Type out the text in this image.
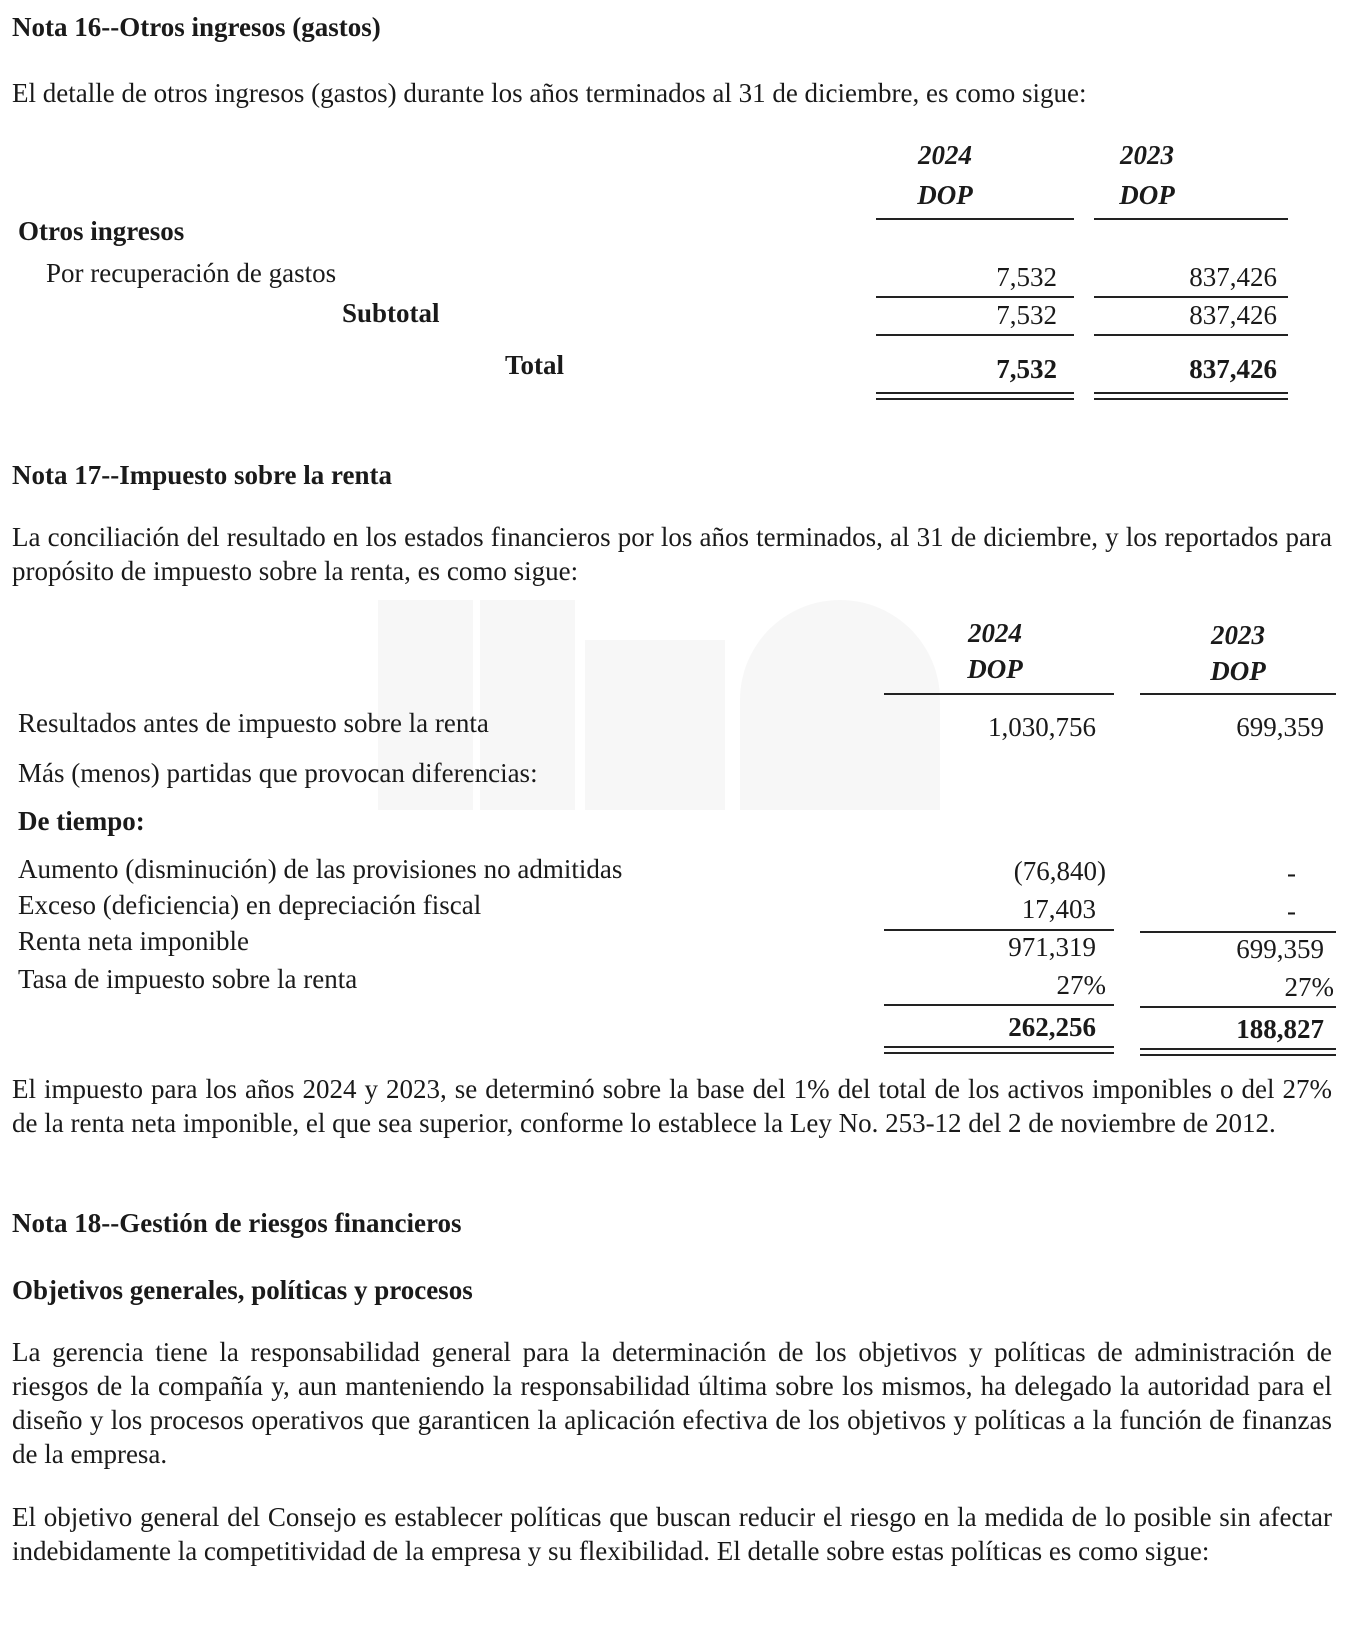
Nota 16--Otros ingresos (gastos)
El detalle de otros ingresos (gastos) durante los años terminados al 31 de diciembre, es como sigue:
2024
DOP
2023
DOP
Otros ingresos
Por recuperación de gastos	7,532	837,426
Subtotal	7,532	837,426
Total	7,532	837,426
Nota 17--Impuesto sobre la renta
La conciliación del resultado en los estados financieros por los años terminados, al 31 de diciembre, y los reportados para propósito de impuesto sobre la renta, es como sigue:
2024
DOP
2023
DOP
Resultados antes de impuesto sobre la renta	1,030,756	699,359
Más (menos) partidas que provocan diferencias:
De tiempo:
Aumento (disminución) de las provisiones no admitidas	(76,840)	-
Exceso (deficiencia) en depreciación fiscal	17,403	-
Renta neta imponible	971,319	699,359
Tasa de impuesto sobre la renta	27%	27%
262,256	188,827
El impuesto para los años 2024 y 2023, se determinó sobre la base del 1% del total de los activos imponibles o del 27% de la renta neta imponible, el que sea superior, conforme lo establece la Ley No. 253-12 del 2 de noviembre de 2012.
Nota 18--Gestión de riesgos financieros
Objetivos generales, políticas y procesos
La gerencia tiene la responsabilidad general para la determinación de los objetivos y políticas de administración de riesgos de la compañía y, aun manteniendo la responsabilidad última sobre los mismos, ha delegado la autoridad para el diseño y los procesos operativos que garanticen la aplicación efectiva de los objetivos y políticas a la función de finanzas de la empresa.
El objetivo general del Consejo es establecer políticas que buscan reducir el riesgo en la medida de lo posible sin afectar indebidamente la competitividad de la empresa y su flexibilidad. El detalle sobre estas políticas es como sigue:
